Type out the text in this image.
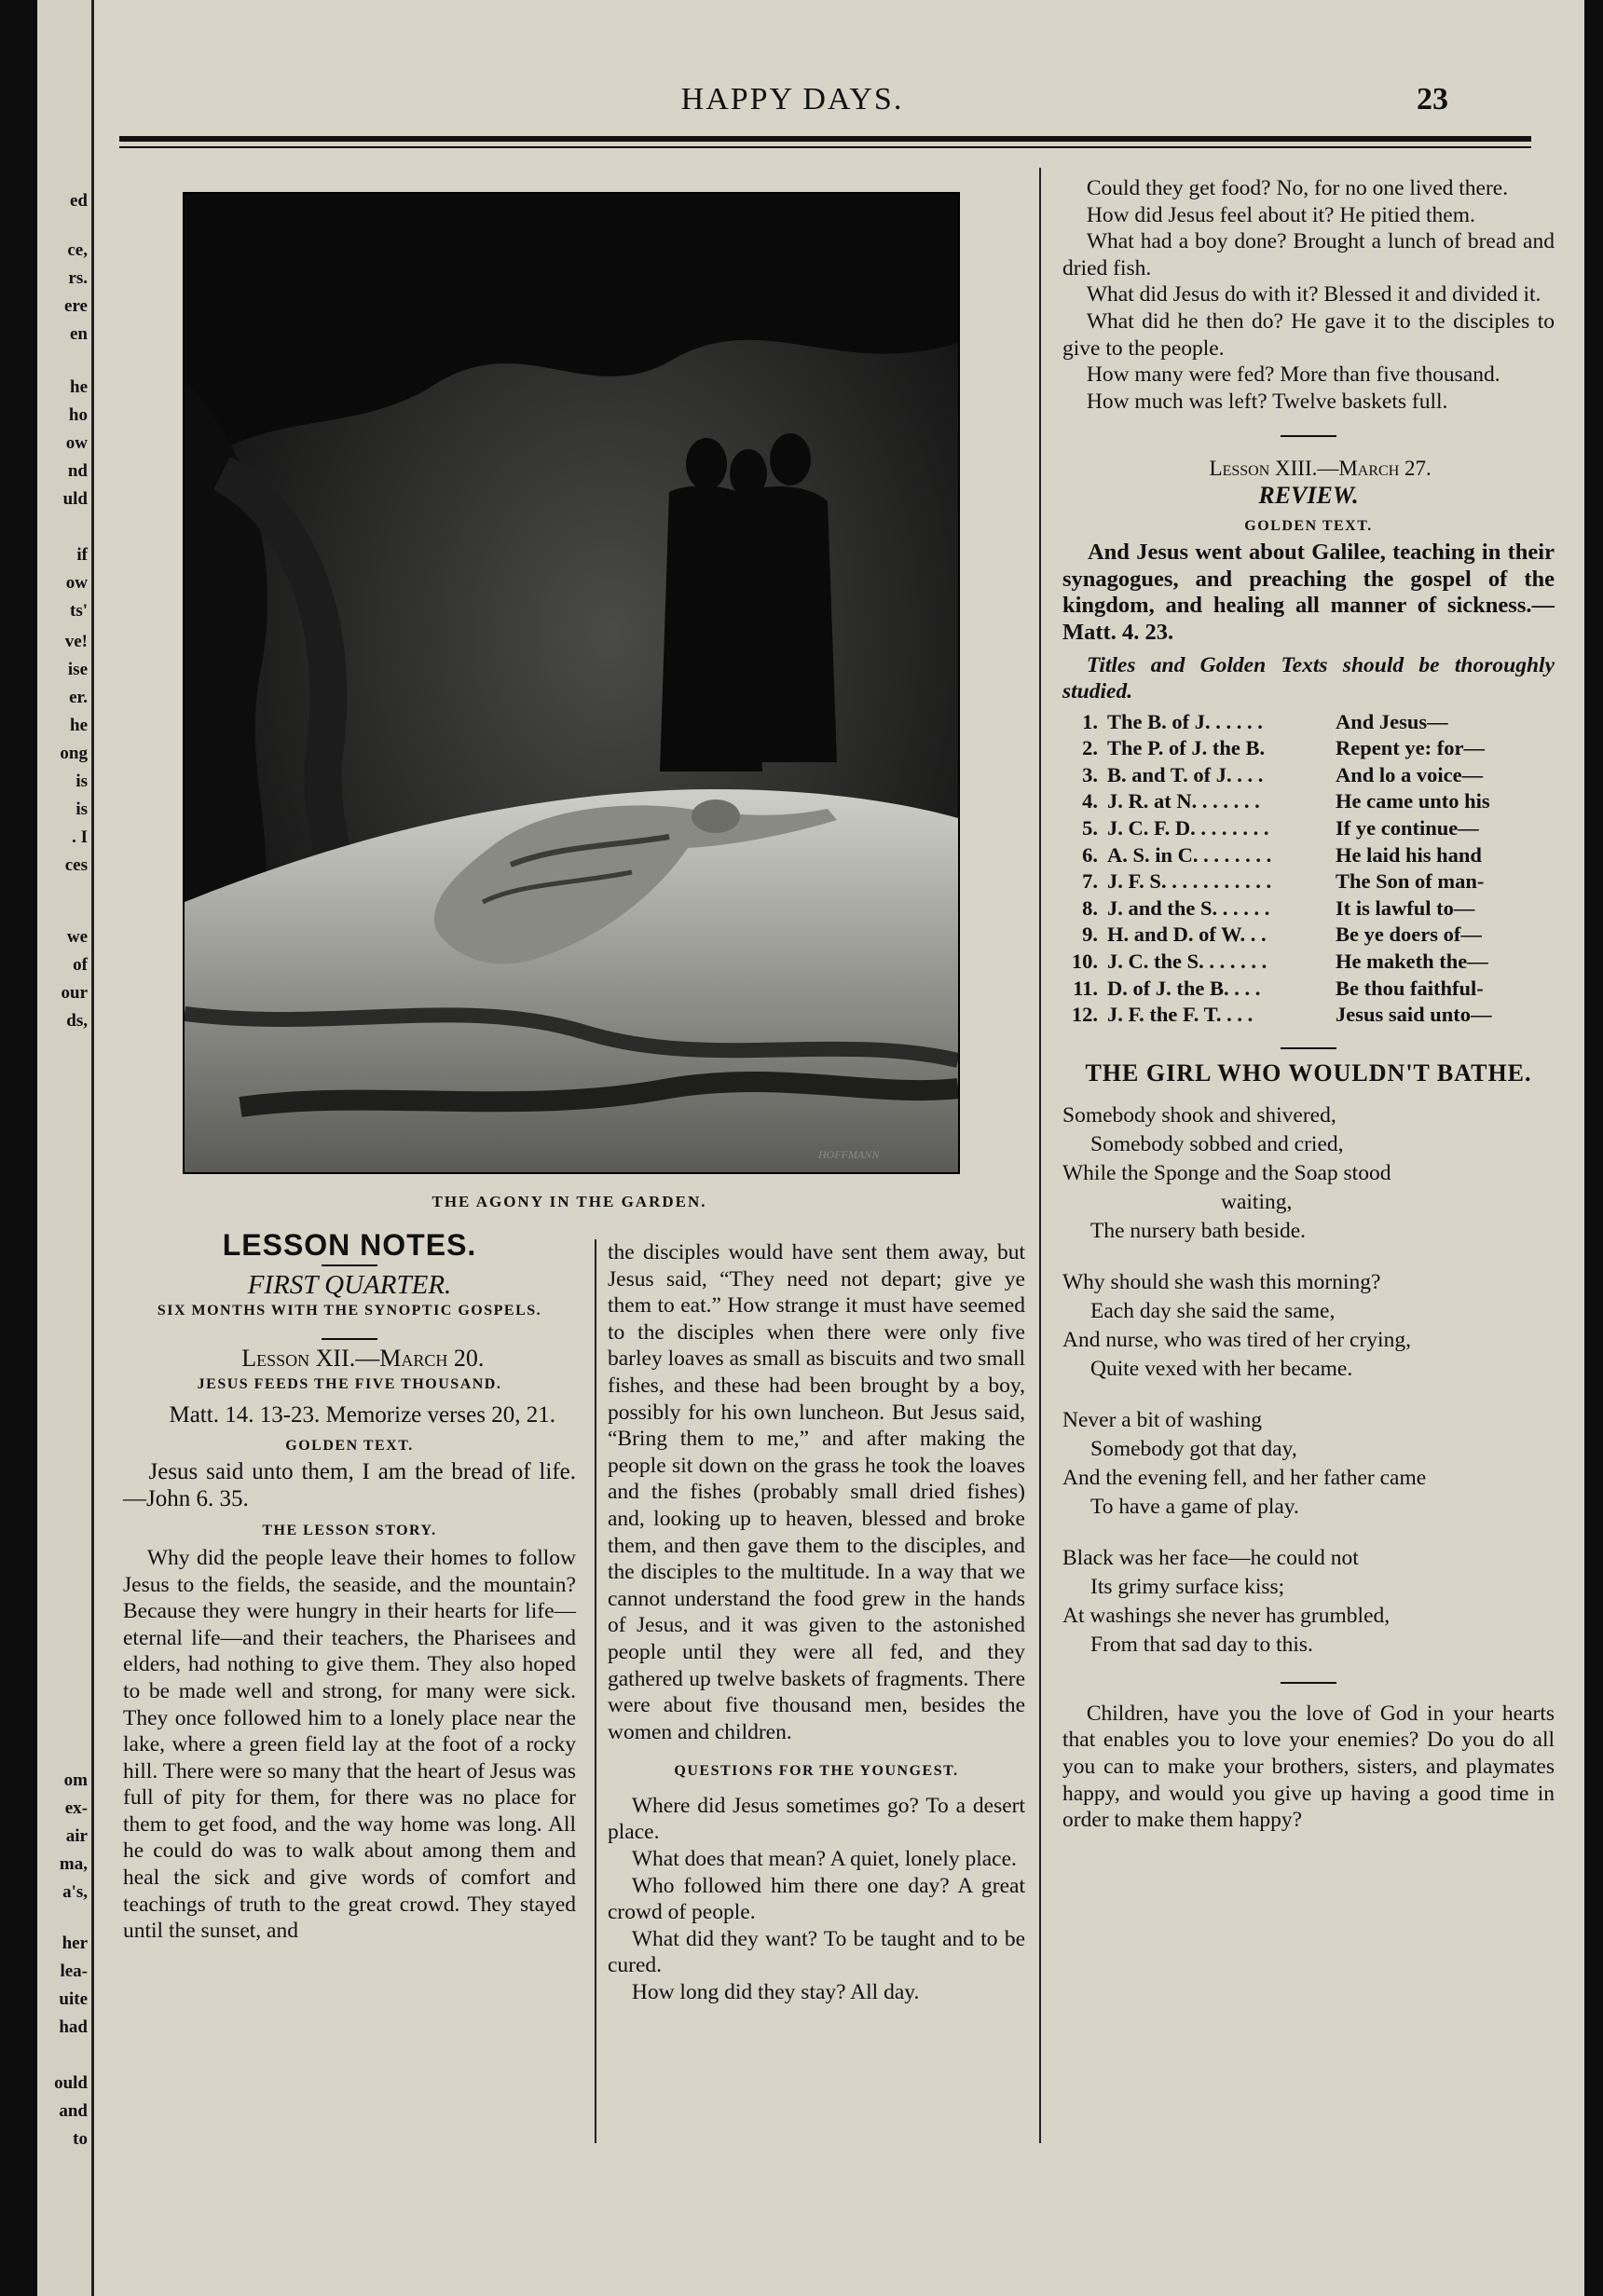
ed
ce,
rs.
ere
en
he
ho
ow
nd
uld
if
ow
ts'
ve!
ise
er.
he
ong
is
is
. I
ces
we
of
our
ds,
om
ex-
air
ma,
a's,
her
lea-
uite
had
ould
and
to
HAPPY DAYS.	23
HOFFMANN
THE AGONY IN THE GARDEN.
LESSON NOTES.
FIRST QUARTER.
SIX MONTHS WITH THE SYNOPTIC GOSPELS.

Lesson XII.—March 20.

JESUS FEEDS THE FIVE THOUSAND.

Matt. 14. 13-23. Memorize verses 20, 21.

GOLDEN TEXT.

Jesus said unto them, I am the bread of life.—John 6. 35.

THE LESSON STORY.

Why did the people leave their homes to follow Jesus to the fields, the seaside, and the mountain? Because they were hungry in their hearts for life—eternal life—and their teachers, the Pharisees and elders, had nothing to give them. They also hoped to be made well and strong, for many were sick. They once followed him to a lonely place near the lake, where a green field lay at the foot of a rocky hill. There were so many that the heart of Jesus was full of pity for them, for there was no place for them to get food, and the way home was long. All he could do was to walk about among them and heal the sick and give words of comfort and teachings of truth to the great crowd. They stayed until the sunset, and

the disciples would have sent them away, but Jesus said, “They need not depart; give ye them to eat.” How strange it must have seemed to the disciples when there were only five barley loaves as small as biscuits and two small fishes, and these had been brought by a boy, possibly for his own luncheon. But Jesus said, “Bring them to me,” and after making the people sit down on the grass he took the loaves and the fishes (probably small dried fishes) and, looking up to heaven, blessed and broke them, and then gave them to the disciples, and the disciples to the multitude. In a way that we cannot understand the food grew in the hands of Jesus, and it was given to the astonished people until they were all fed, and they gathered up twelve baskets of fragments. There were about five thousand men, besides the women and children.

QUESTIONS FOR THE YOUNGEST.

Where did Jesus sometimes go? To a desert place.

What does that mean? A quiet, lonely place.

Who followed him there one day? A great crowd of people.

What did they want? To be taught and to be cured.

How long did they stay? All day.

Could they get food? No, for no one lived there.

How did Jesus feel about it? He pitied them.

What had a boy done? Brought a lunch of bread and dried fish.

What did Jesus do with it? Blessed it and divided it.

What did he then do? He gave it to the disciples to give to the people.

How many were fed? More than five thousand.

How much was left? Twelve baskets full.

Lesson XIII.—March 27.

REVIEW.
GOLDEN TEXT.

And Jesus went about Galilee, teaching in their synagogues, and preaching the gospel of the kingdom, and healing all manner of sickness.—Matt. 4. 23.

Titles and Golden Texts should be thoroughly studied.

1. The B. of J. . . . . .	And Jesus—
2. The P. of J. the B.	Repent ye: for—
3. B. and T. of J. . . .	And lo a voice—
4. J. R. at N. . . . . . .	He came unto his
5. J. C. F. D. . . . . . . .	If ye continue—
6. A. S. in C. . . . . . . .	He laid his hand
7. J. F. S. . . . . . . . . . .	The Son of man-
8. J. and the S. . . . . .	It is lawful to—
9. H. and D. of W. . .	Be ye doers of—
10. J. C. the S. . . . . . .	He maketh the—
11. D. of J. the B. . . .	Be thou faithful-
12. J. F. the F. T. . . .	Jesus said unto—
THE GIRL WHO WOULDN'T BATHE.
Somebody shook and shivered,
Somebody sobbed and cried,
While the Sponge and the Soap stood
waiting,
The nursery bath beside.
Why should she wash this morning?
Each day she said the same,
And nurse, who was tired of her crying,
Quite vexed with her became.
Never a bit of washing
Somebody got that day,
And the evening fell, and her father came
To have a game of play.
Black was her face—he could not
Its grimy surface kiss;
At washings she never has grumbled,
From that sad day to this.

Children, have you the love of God in your hearts that enables you to love your enemies? Do you do all you can to make your brothers, sisters, and playmates happy, and would you give up having a good time in order to make them happy?
